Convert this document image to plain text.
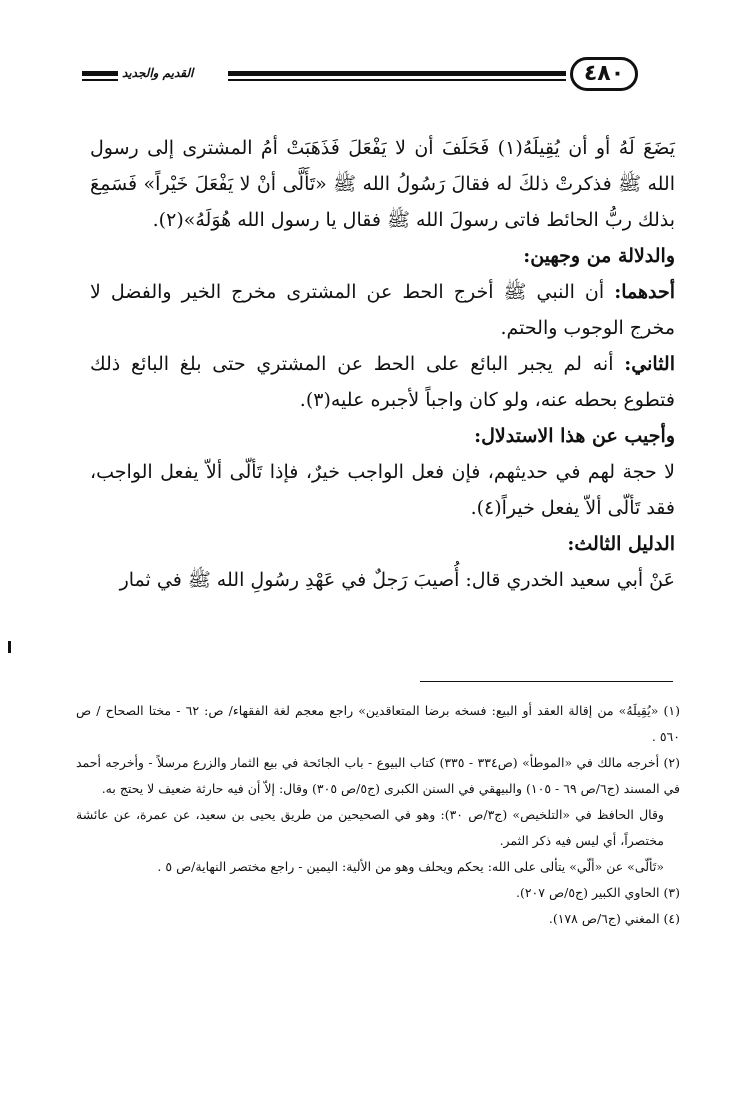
القديم والجديد	٤٨٠

يَضَعَ لَهُ أو أن يُقِيلَهُ(١) فَحَلَفَ أن لا يَفْعَلَ فَذَهَبَتْ أمُ المشترى إلى رسول الله ﷺ فذكرتْ ذلكَ له فقالَ رَسُولُ الله ﷺ «تَأَلَّى أنْ لا يَفْعَلَ خَيْراً» فَسَمِعَ بذلك ربُّ الحائط فاتى رسولَ الله ﷺ فقال يا رسول الله هُوَلَهُ»(٢).

والدلالة من وجهين:

أحدهما: أن النبي ﷺ أخرج الحط عن المشترى مخرج الخير والفضل لا مخرج الوجوب والحتم.

الثاني: أنه لم يجبر البائع على الحط عن المشتري حتى بلغ البائع ذلك فتطوع بحطه عنه، ولو كان واجباً لأجبره عليه(٣).

وأجيب عن هذا الاستدلال:

لا حجة لهم في حديثهم، فإن فعل الواجب خيرٌ، فإذا تَألّى ألاّ يفعل الواجب، فقد تَألّى ألاّ يفعل خيراً(٤).

الدليل الثالث:

عَنْ أبي سعيد الخدري قال: أُصيبَ رَجلٌ في عَهْدِ رسُولِ الله ﷺ في ثمار

(١) «يُقِيلَهُ» من إقالة العقد أو البيع: فسخه برضا المتعاقدين» راجع معجم لغة الفقهاء/ ص: ٦٢ - مختا الصحاح / ص ٥٦٠ .

(٢) أخرجه مالك في «الموطأ» (ص٣٣٤ - ٣٣٥) كتاب البيوع - باب الجائحة في بيع الثمار والزرع مرسلاً - وأخرجه أحمد في المسند (ج٦/ص ٦٩ - ١٠٥) والبيهقي في السنن الكبرى (ج٥/ص ٣٠٥) وقال: إلاّ أن فيه حارثة ضعيف لا يحتج به.

وقال الحافظ في «التلخيص» (ج٣/ص ٣٠): وهو في الصحيحين من طريق يحيى بن سعيد، عن عمرة، عن عائشة مختصراً، أي ليس فيه ذكر الثمر.

«تَألّى» عن «ألّي» يتألى على الله: يحكم ويحلف وهو من الألية: اليمين - راجع مختصر النهاية/ص ٥ .

(٣) الحاوي الكبير (ج٥/ص ٢٠٧).

(٤) المغني (ج٦/ص ١٧٨).
